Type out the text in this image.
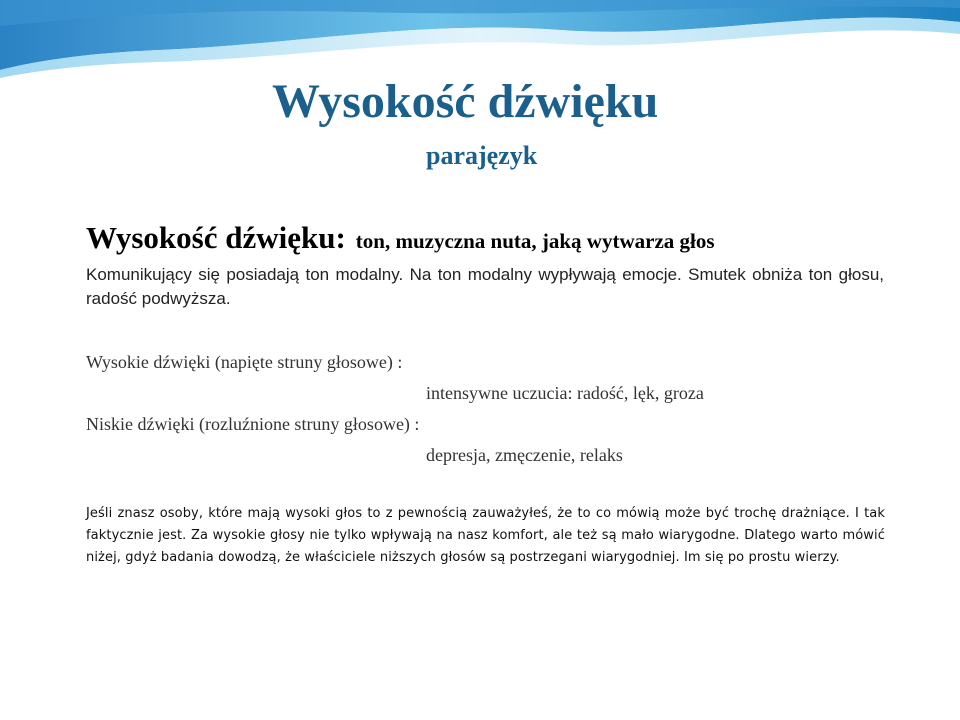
Wysokość dźwięku
parajęzyk
Wysokość dźwięku: ton, muzyczna nuta, jaką wytwarza głos

Komunikujący się posiadają ton modalny. Na ton modalny wypływają emocje. Smutek obniża ton głosu, radość podwyższa.

Wysokie dźwięki (napięte struny głosowe) :

intensywne uczucia: radość, lęk, groza

Niskie dźwięki (rozluźnione struny głosowe) :

depresja, zmęczenie, relaks

Jeśli znasz osoby, które mają wysoki głos to z pewnością zauważyłeś, że to co mówią może być trochę drażniące. I tak faktycznie jest. Za wysokie głosy nie tylko wpływają na nasz komfort, ale też są mało wiarygodne. Dlatego warto mówić niżej, gdyż badania dowodzą, że właściciele niższych głosów są postrzegani wiarygodniej. Im się po prostu wierzy.
